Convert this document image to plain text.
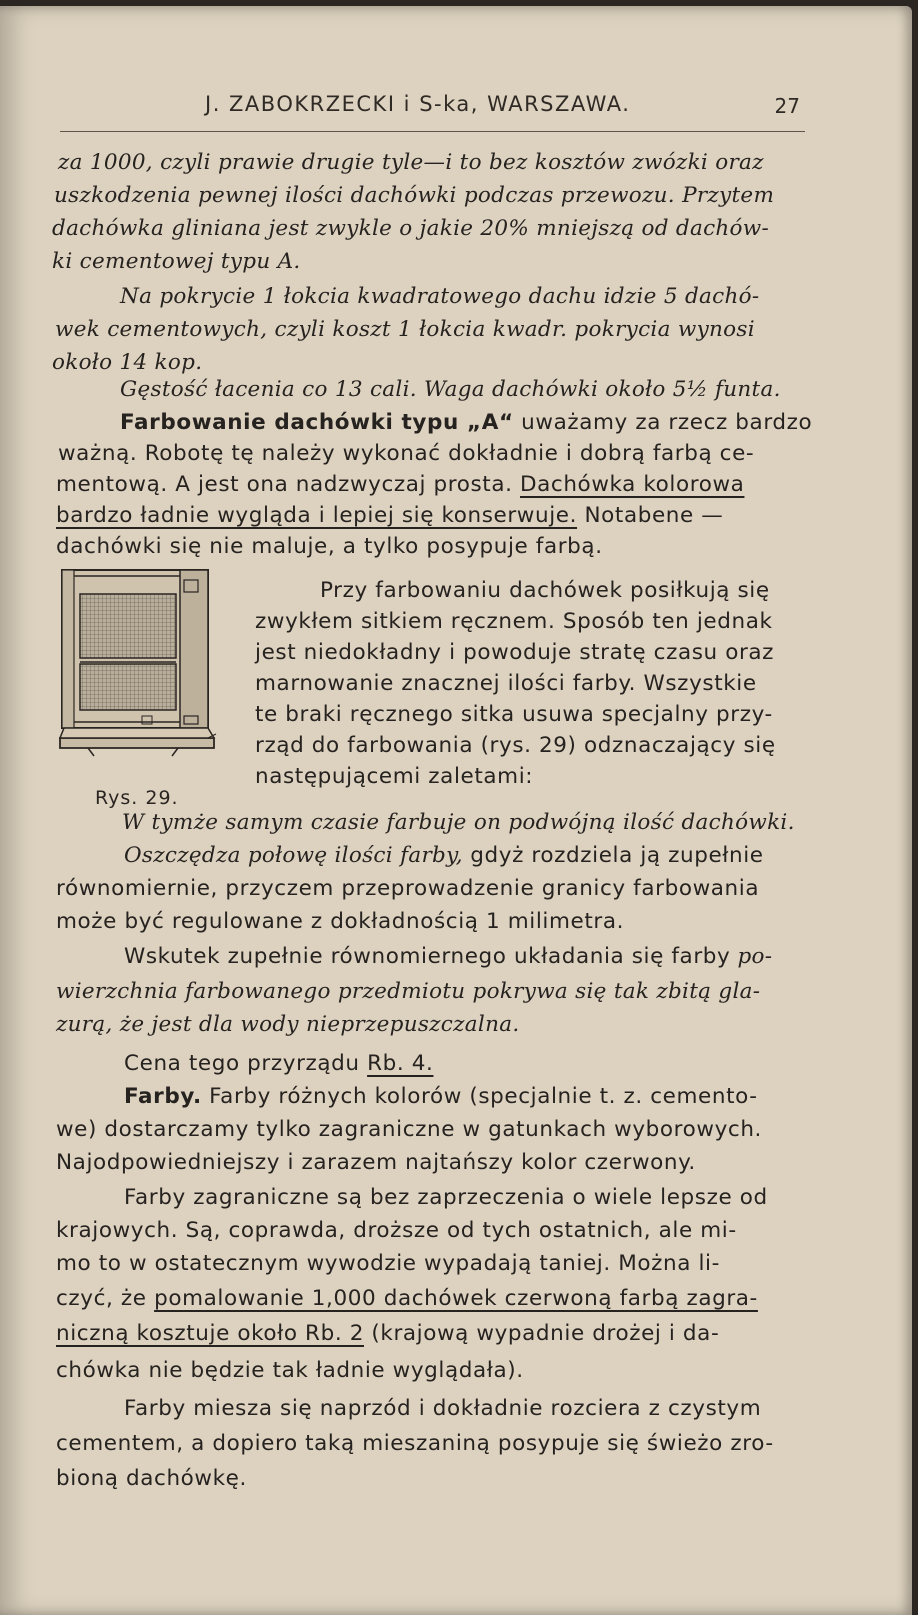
J. ZABOKRZECKI i S-ka, WARSZAWA.	27
za 1000, czyli prawie drugie tyle—i to bez kosztów zwózki oraz
uszkodzenia pewnej ilości dachówki podczas przewozu. Przytem
dachówka gliniana jest zwykle o jakie 20% mniejszą od dachów-
ki cementowej typu A.
Na pokrycie 1 łokcia kwadratowego dachu idzie 5 dachó-
wek cementowych, czyli koszt 1 łokcia kwadr. pokrycia wynosi
około 14 kop.
Gęstość łacenia co 13 cali. Waga dachówki około 5½ funta.
Farbowanie dachówki typu „A“ uważamy za rzecz bardzo
ważną. Robotę tę należy wykonać dokładnie i dobrą farbą ce-
mentową. A jest ona nadzwyczaj prosta. Dachówka kolorowa
bardzo ładnie wygląda i lepiej się konserwuje. Notabene —
dachówki się nie maluje, a tylko posypuje farbą.
Rys. 29.
Przy farbowaniu dachówek posiłkują się
zwykłem sitkiem ręcznem. Sposób ten jednak
jest niedokładny i powoduje stratę czasu oraz
marnowanie znacznej ilości farby. Wszystkie
te braki ręcznego sitka usuwa specjalny przy-
rząd do farbowania (rys. 29) odznaczający się
następującemi zaletami:
W tymże samym czasie farbuje on podwójną ilość dachówki.
Oszczędza połowę ilości farby, gdyż rozdziela ją zupełnie
równomiernie, przyczem przeprowadzenie granicy farbowania
może być regulowane z dokładnością 1 milimetra.
Wskutek zupełnie równomiernego układania się farby po-
wierzchnia farbowanego przedmiotu pokrywa się tak zbitą gla-
zurą, że jest dla wody nieprzepuszczalna.
Cena tego przyrządu Rb. 4.
Farby. Farby różnych kolorów (specjalnie t. z. cemento-
we) dostarczamy tylko zagraniczne w gatunkach wyborowych.
Najodpowiedniejszy i zarazem najtańszy kolor czerwony.
Farby zagraniczne są bez zaprzeczenia o wiele lepsze od
krajowych. Są, coprawda, droższe od tych ostatnich, ale mi-
mo to w ostatecznym wywodzie wypadają taniej. Można li-
czyć, że pomalowanie 1,000 dachówek czerwoną farbą zagra-
niczną kosztuje około Rb. 2 (krajową wypadnie drożej i da-
chówka nie będzie tak ładnie wyglądała).
Farby miesza się naprzód i dokładnie rozciera z czystym
cementem, a dopiero taką mieszaniną posypuje się świeżo zro-
bioną dachówkę.
